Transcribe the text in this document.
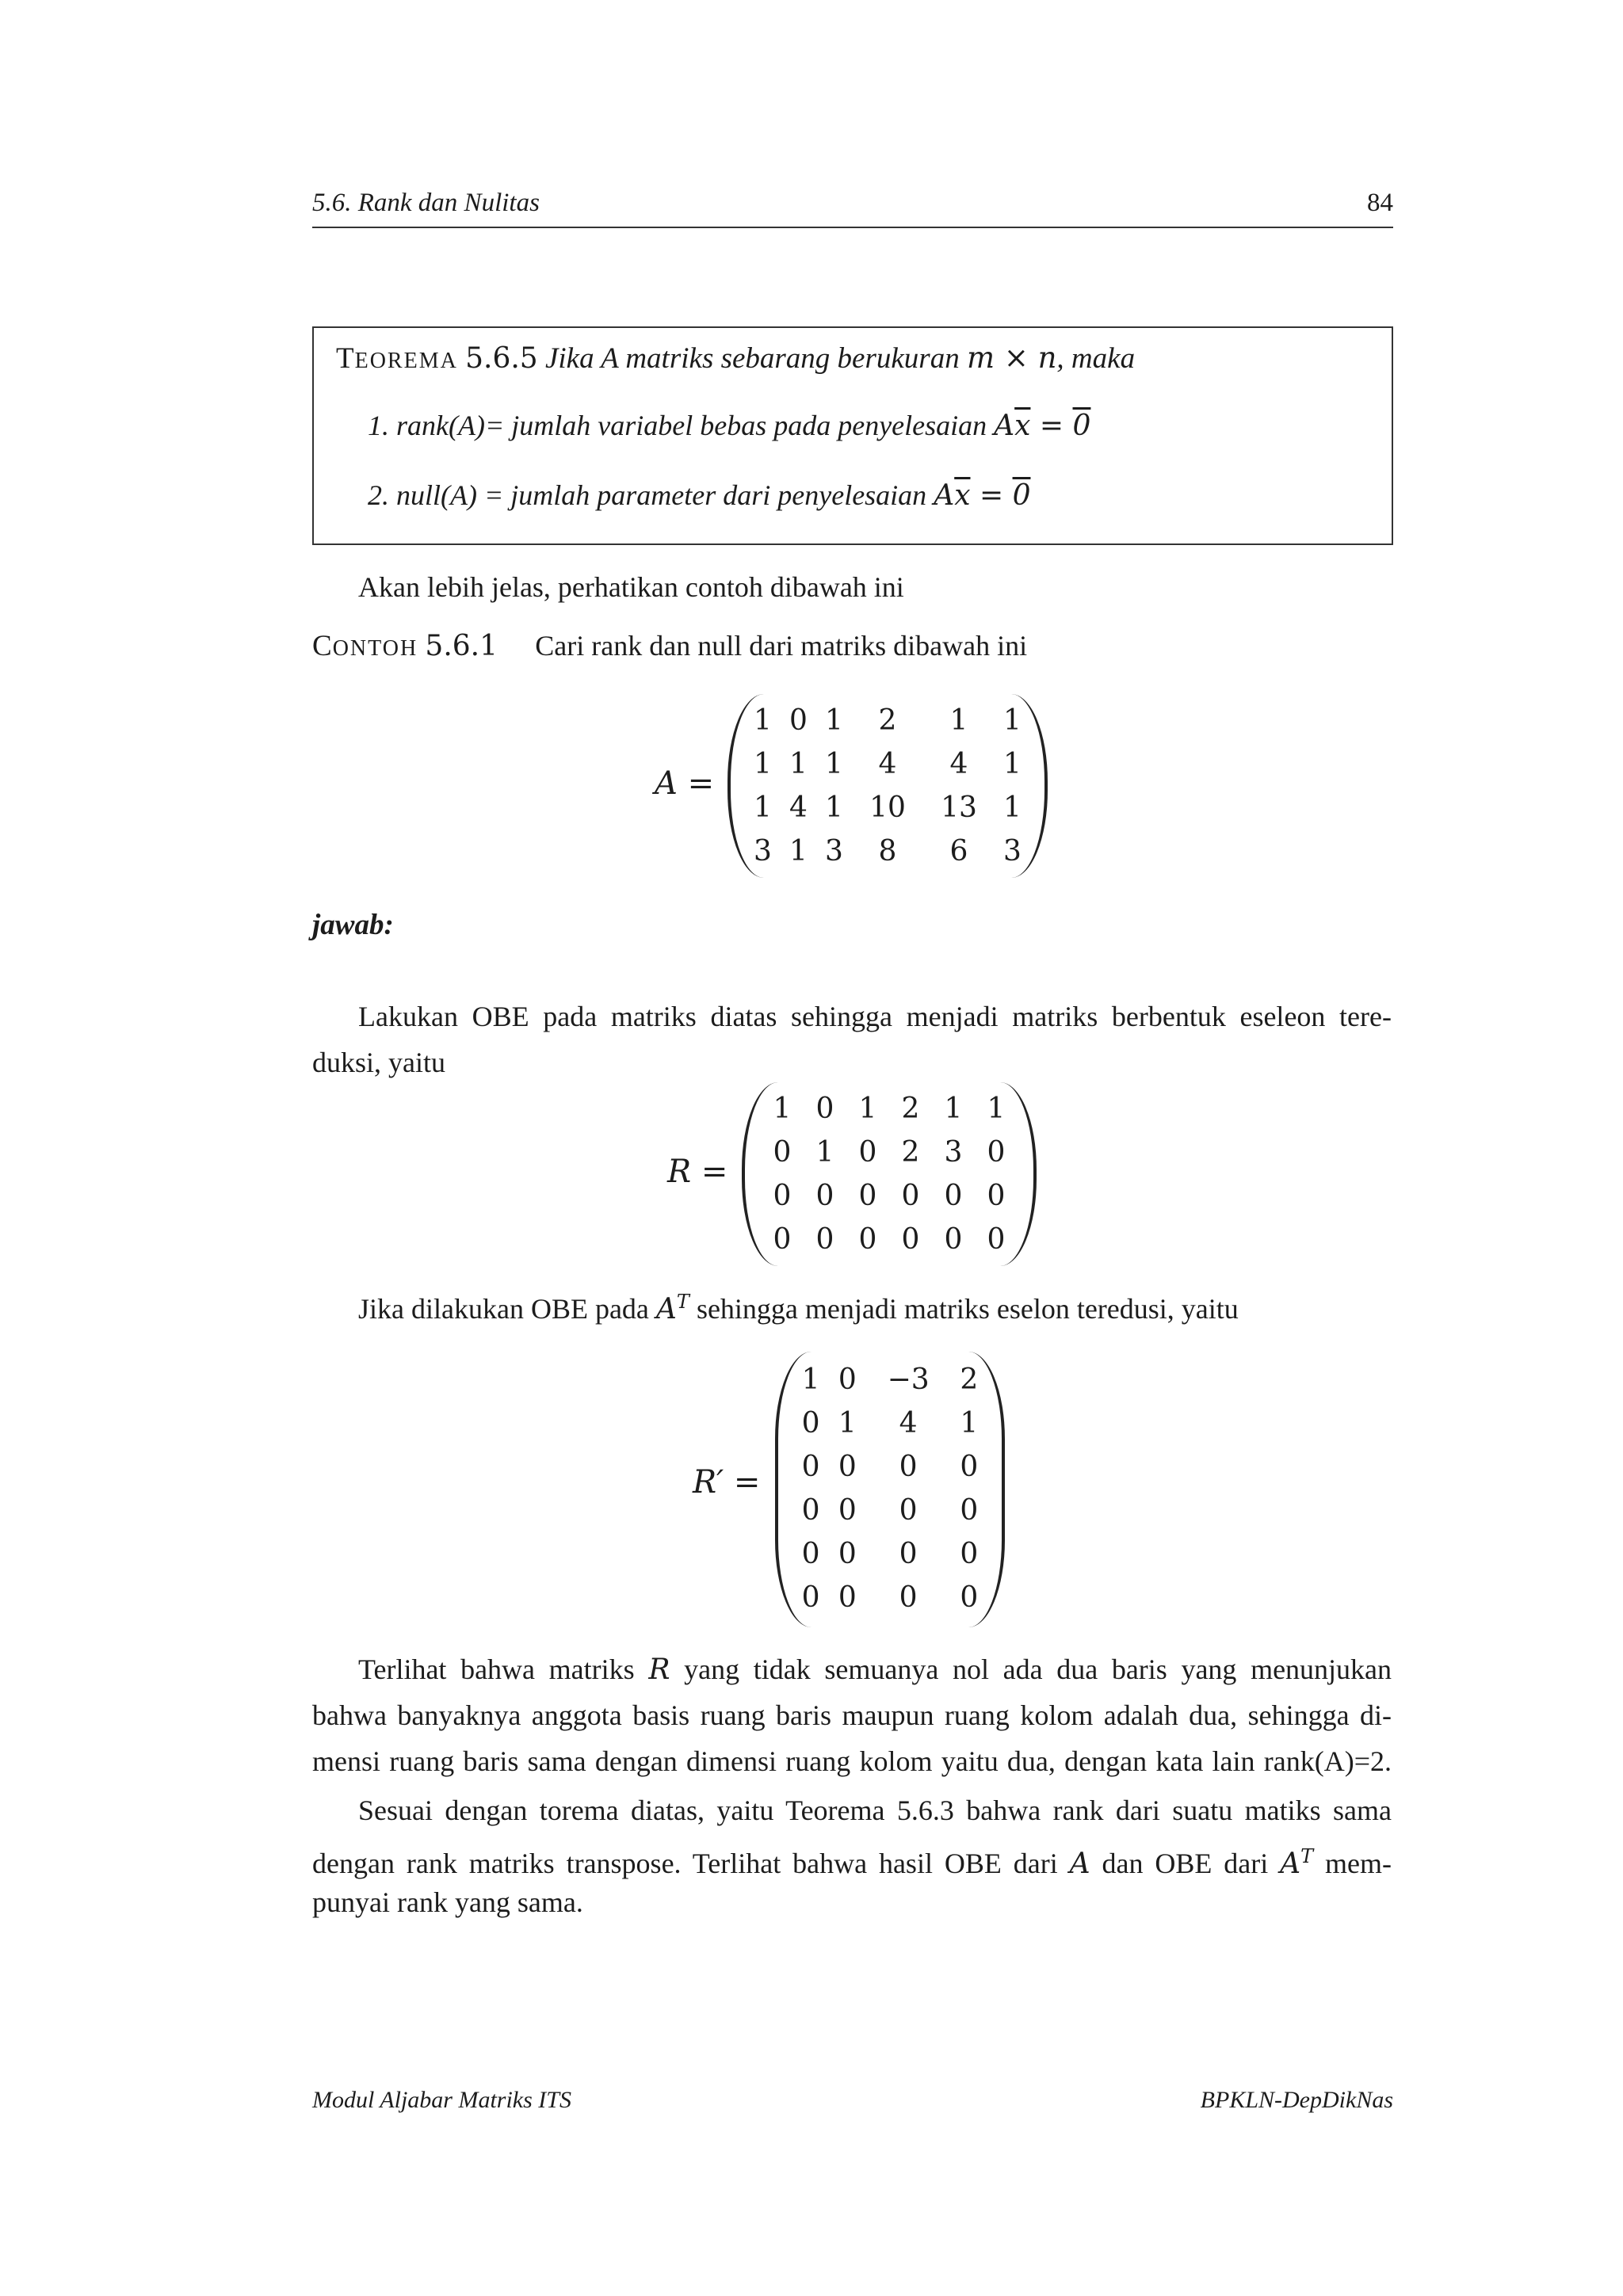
5.6. Rank dan Nulitas	84
TEOREMA 5.6.5 Jika A matriks sebarang berukuran m × n, maka
1. rank(A)= jumlah variabel bebas pada penyelesaian $A\overline{x} = 0$
2. null(A) = jumlah parameter dari penyelesaian $A\overline{x} = 0$
Akan lebih jelas, perhatikan contoh dibawah ini
CONTOH 5.6.1 Cari rank dan null dari matriks dibawah ini
A =
1	0	1	2	1	1
1	1	1	4	4	1
1	4	1	10	13	1
3	1	3	8	6	3
jawab:
Lakukan OBE pada matriks diatas sehingga menjadi matriks berbentuk eseleon tere-
duksi, yaitu
R =
1	0	1	2	1	1
0	1	0	2	3	0
0	0	0	0	0	0
0	0	0	0	0	0
Jika dilakukan OBE pada $A^T$ sehingga menjadi matriks eselon teredusi, yaitu
R′ =
1	0	−3	2
0	1	4	1
0	0	0	0
0	0	0	0
0	0	0	0
0	0	0	0
Terlihat bahwa matriks R yang tidak semuanya nol ada dua baris yang menunjukan
bahwa banyaknya anggota basis ruang baris maupun ruang kolom adalah dua, sehingga di-
mensi ruang baris sama dengan dimensi ruang kolom yaitu dua, dengan kata lain rank(A)=2.
Sesuai dengan torema diatas, yaitu Teorema 5.6.3 bahwa rank dari suatu matiks sama
dengan rank matriks transpose. Terlihat bahwa hasil OBE dari A dan OBE dari $A^T$ mem-
punyai rank yang sama.
Modul Aljabar Matriks ITS	BPKLN-DepDikNas
